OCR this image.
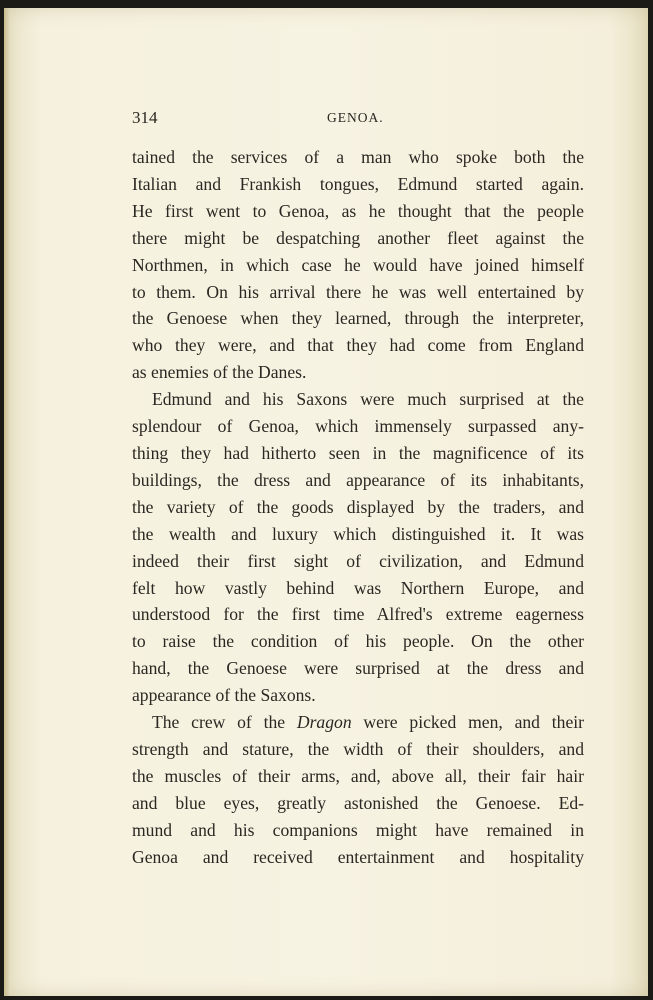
314	GENOA.
tained the services of a man who spoke both the
Italian and Frankish tongues, Edmund started again.
He first went to Genoa, as he thought that the people
there might be despatching another fleet against the
Northmen, in which case he would have joined himself
to them. On his arrival there he was well entertained by
the Genoese when they learned, through the interpreter,
who they were, and that they had come from England
as enemies of the Danes.
Edmund and his Saxons were much surprised at the
splendour of Genoa, which immensely surpassed any-
thing they had hitherto seen in the magnificence of its
buildings, the dress and appearance of its inhabitants,
the variety of the goods displayed by the traders, and
the wealth and luxury which distinguished it. It was
indeed their first sight of civilization, and Edmund
felt how vastly behind was Northern Europe, and
understood for the first time Alfred's extreme eagerness
to raise the condition of his people. On the other
hand, the Genoese were surprised at the dress and
appearance of the Saxons.
The crew of the Dragon were picked men, and their
strength and stature, the width of their shoulders, and
the muscles of their arms, and, above all, their fair hair
and blue eyes, greatly astonished the Genoese. Ed-
mund and his companions might have remained in
Genoa and received entertainment and hospitality
